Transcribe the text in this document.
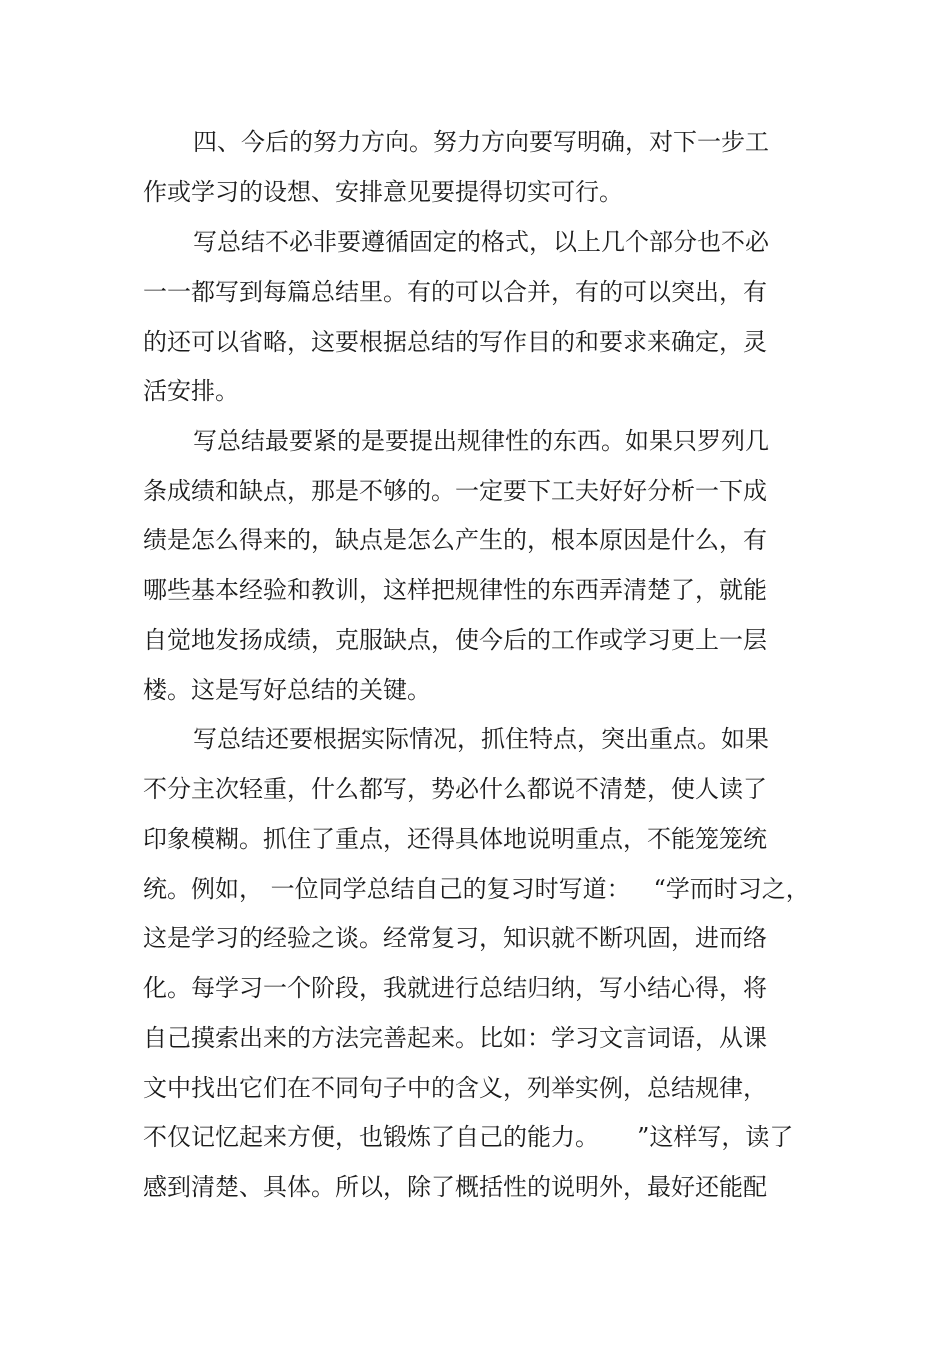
四、今后的努力方向。努力方向要写明确，对下一步工
作或学习的设想、安排意见要提得切实可行。
写总结不必非要遵循固定的格式，以上几个部分也不必
一一都写到每篇总结里。有的可以合并，有的可以突出，有
的还可以省略，这要根据总结的写作目的和要求来确定，灵
活安排。
写总结最要紧的是要提出规律性的东西。如果只罗列几
条成绩和缺点，那是不够的。一定要下工夫好好分析一下成
绩是怎么得来的，缺点是怎么产生的，根本原因是什么，有
哪些基本经验和教训，这样把规律性的东西弄清楚了，就能
自觉地发扬成绩，克服缺点，使今后的工作或学习更上一层
楼。这是写好总结的关键。
写总结还要根据实际情况，抓住特点，突出重点。如果
不分主次轻重，什么都写，势必什么都说不清楚，使人读了
印象模糊。抓住了重点，还得具体地说明重点，不能笼笼统
统。例如， 一位同学总结自己的复习时写道：   “学而时习之，
这是学习的经验之谈。经常复习，知识就不断巩固，进而络
化。每学习一个阶段，我就进行总结归纳，写小结心得，将
自己摸索出来的方法完善起来。比如：学习文言词语，从课
文中找出它们在不同句子中的含义，列举实例，总结规律，
不仅记忆起来方便，也锻炼了自己的能力。     ”这样写，读了
感到清楚、具体。所以，除了概括性的说明外，最好还能配
